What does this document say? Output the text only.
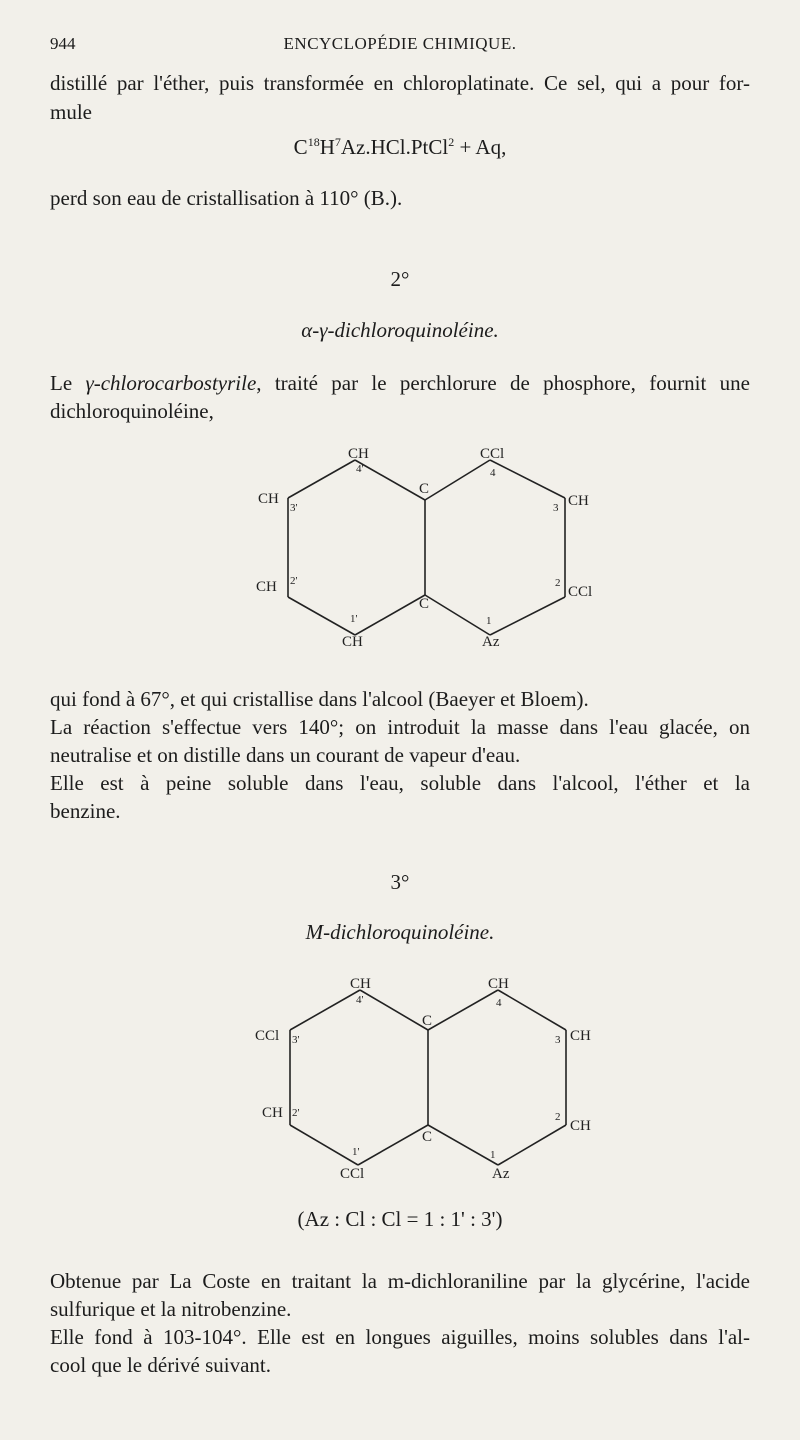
944	ENCYCLOPÉDIE CHIMIQUE.

distillé par l'éther, puis transformée en chloroplatinate. Ce sel, qui a pour for-

mule

$C^{18}H^7Az.HCl.PtCl^2 + Aq$,

perd son eau de cristallisation à 110° (B.).

2°
α-γ-dichloroquinoléine.

Le γ-chlorocarbostyrile, traité par le perchlorure de phosphore, fournit une

dichloroquinoléine,

CH	CCl
CH
CH
CH
CCl
CH	Az
C
C
4'	4
3'
2'
3
2
1'	1

qui fond à 67°, et qui cristallise dans l'alcool (Baeyer et Bloem).

La réaction s'effectue vers 140°; on introduit la masse dans l'eau glacée, on

neutralise et on distille dans un courant de vapeur d'eau.

Elle est à peine soluble dans l'eau, soluble dans l'alcool, l'éther et la

benzine.

3°
M-dichloroquinoléine.
CH	CH
CCl
CH
CH
CH
CCl	Az
C
C
4'	4
3'
2'
3
2
1'	1
(Az : Cl : Cl = 1 : 1' : 3')

Obtenue par La Coste en traitant la m-dichloraniline par la glycérine, l'acide

sulfurique et la nitrobenzine.

Elle fond à 103-104°. Elle est en longues aiguilles, moins solubles dans l'al-

cool que le dérivé suivant.
